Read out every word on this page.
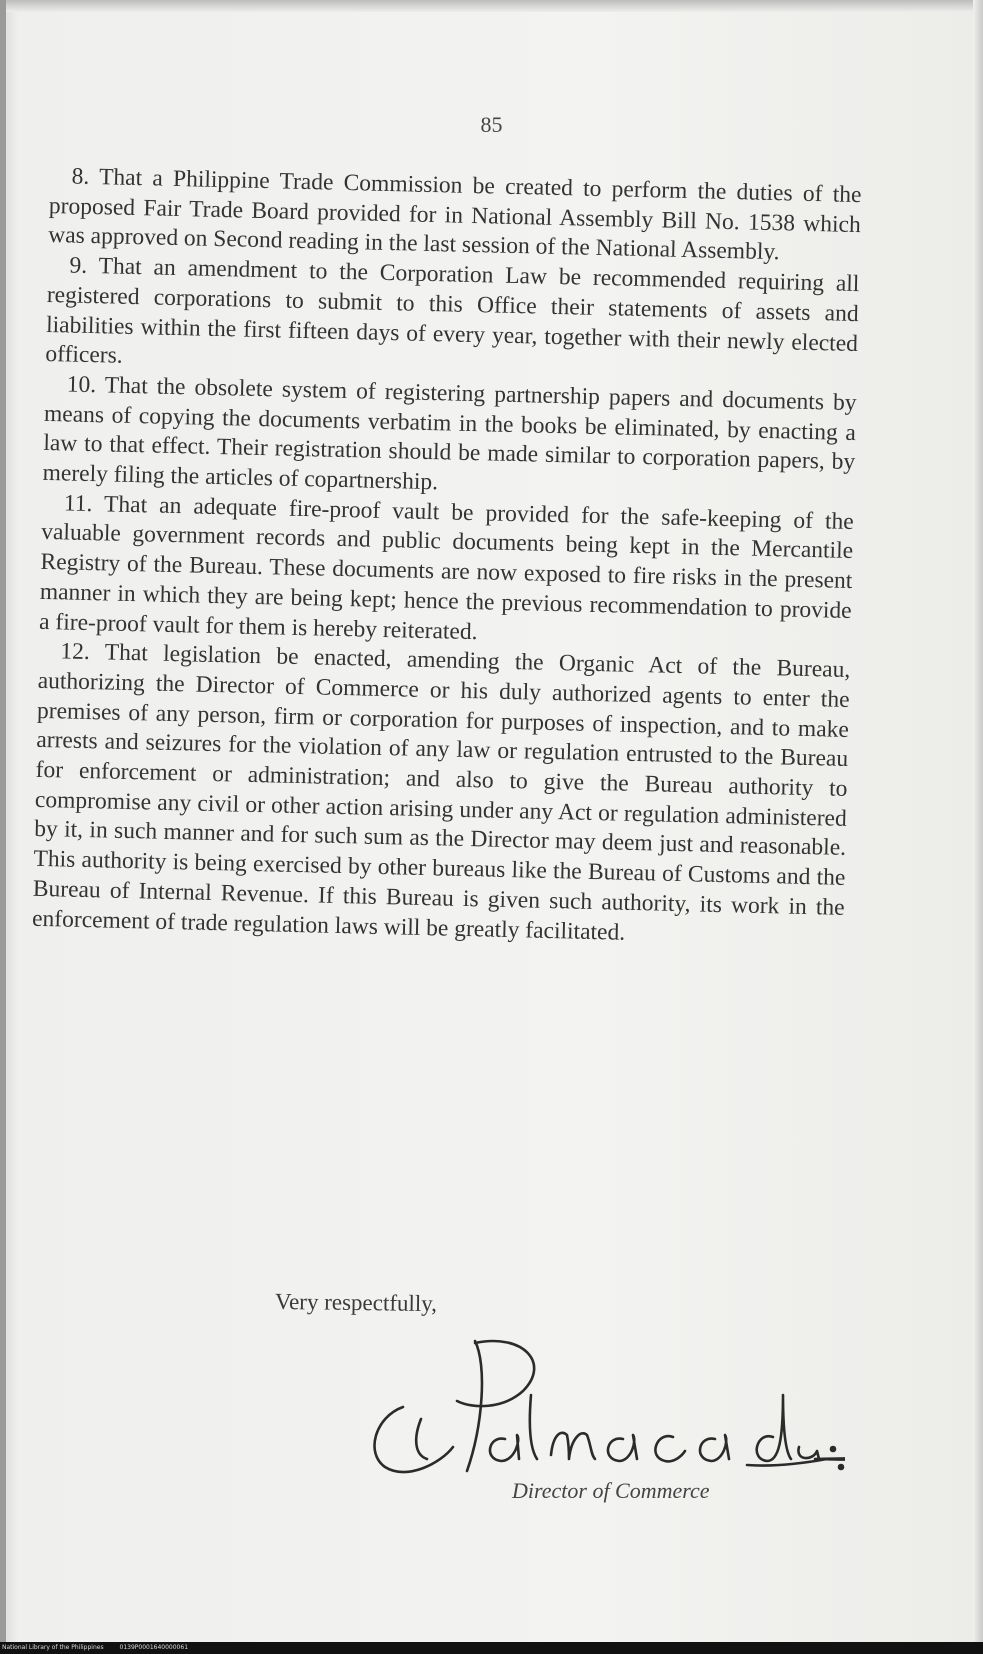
85

8. That a Philippine Trade Commission be created to perform the duties of the proposed Fair Trade Board provided for in National Assembly Bill No. 1538 which was approved on Second reading in the last session of the National Assembly.

9. That an amendment to the Corporation Law be recommended requiring all registered corporations to submit to this Office their statements of assets and liabilities within the first fifteen days of every year, together with their newly elected officers.

10. That the obsolete system of registering partnership papers and documents by means of copying the documents verbatim in the books be eliminated, by enacting a law to that effect. Their registration should be made similar to corporation papers, by merely filing the articles of copartnership.

11. That an adequate fire-proof vault be provided for the safe-keeping of the valuable government records and public documents being kept in the Mercantile Registry of the Bureau. These documents are now exposed to fire risks in the present manner in which they are being kept; hence the previous recommendation to provide a fire-proof vault for them is hereby reiterated.

12. That legislation be enacted, amending the Organic Act of the Bureau, authorizing the Director of Commerce or his duly authorized agents to enter the premises of any person, firm or corporation for purposes of inspection, and to make arrests and seizures for the violation of any law or regulation entrusted to the Bureau for enforcement or administration; and also to give the Bureau authority to compromise any civil or other action arising under any Act or regulation administered by it, in such manner and for such sum as the Director may deem just and reasonable. This authority is being exercised by other bureaus like the Bureau of Customs and the Bureau of Internal Revenue. If this Bureau is given such authority, its work in the enforcement of trade regulation laws will be greatly facilitated.

Very respectfully,
Director of Commerce
National Library of the Philippines	0139P0001640000061
